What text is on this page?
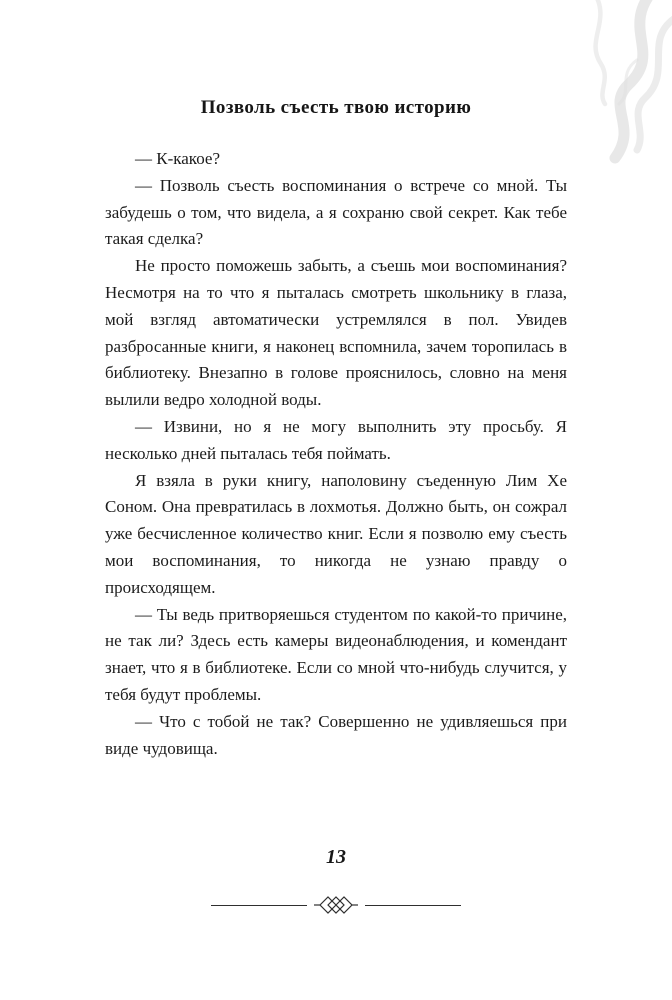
Позволь съесть твою историю

— К-какое?

— Позволь съесть воспоминания о встрече со мной. Ты забудешь о том, что видела, а я сохраню свой секрет. Как тебе такая сделка?

Не просто поможешь забыть, а съешь мои воспоминания? Несмотря на то что я пыталась смотреть школьнику в глаза, мой взгляд автоматически устремлялся в пол. Увидев разбросанные книги, я наконец вспомнила, зачем торопилась в библиотеку. Внезапно в голове прояснилось, словно на меня вылили ведро холодной воды.

— Извини, но я не могу выполнить эту просьбу. Я несколько дней пыталась тебя поймать.

Я взяла в руки книгу, наполовину съеденную Лим Хе Соном. Она превратилась в лохмотья. Должно быть, он сожрал уже бесчисленное количество книг. Если я позволю ему съесть мои воспоминания, то никогда не узнаю правду о происходящем.

— Ты ведь притворяешься студентом по какой-то причине, не так ли? Здесь есть камеры видеонаблюдения, и комендант знает, что я в библиотеке. Если со мной что-нибудь случится, у тебя будут проблемы.

— Что с тобой не так? Совершенно не удивляешься при виде чудовища.

13
